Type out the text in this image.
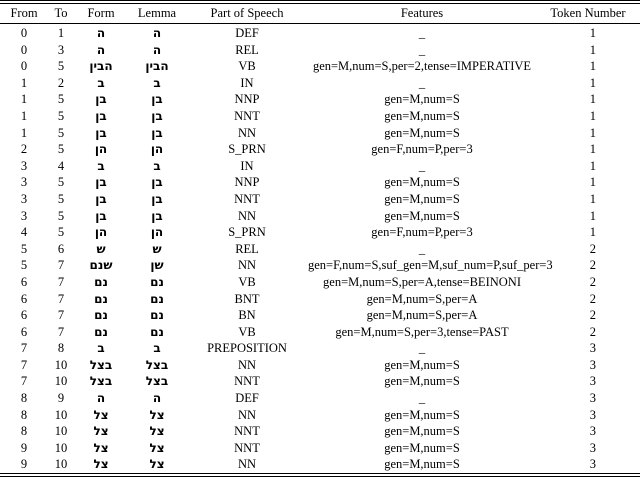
From	To	Form	Lemma	Part of Speech	Features	Token Number

0	1	ה	ה	DEF	_	1
0	3	ה	ה	REL	_	1
0	5	הבין	הבין	VB	gen=M,num=S,per=2,tense=IMPERATIVE	1
1	2	ב	ב	IN	_	1
1	5	בן	בן	NNP	gen=M,num=S	1
1	5	בן	בן	NNT	gen=M,num=S	1
1	5	בן	בן	NN	gen=M,num=S	1
2	5	הן	הן	S_PRN	gen=F,num=P,per=3	1
3	4	ב	ב	IN	_	1
3	5	בן	בן	NNP	gen=M,num=S	1
3	5	בן	בן	NNT	gen=M,num=S	1
3	5	בן	בן	NN	gen=M,num=S	1
4	5	הן	הן	S_PRN	gen=F,num=P,per=3	1
5	6	ש	ש	REL	_	2
5	7	שנם	שן	NN	gen=F,num=S,suf_gen=M,suf_num=P,suf_per=3	2
6	7	נם	נם	VB	gen=M,num=S,per=A,tense=BEINONI	2
6	7	נם	נם	BNT	gen=M,num=S,per=A	2
6	7	נם	נם	BN	gen=M,num=S,per=A	2
6	7	נם	נם	VB	gen=M,num=S,per=3,tense=PAST	2
7	8	ב	ב	PREPOSITION	_	3
7	10	בצל	בצל	NN	gen=M,num=S	3
7	10	בצל	בצל	NNT	gen=M,num=S	3
8	9	ה	ה	DEF	_	3
8	10	צל	צל	NN	gen=M,num=S	3
8	10	צל	צל	NNT	gen=M,num=S	3
9	10	צל	צל	NNT	gen=M,num=S	3
9	10	צל	צל	NN	gen=M,num=S	3
